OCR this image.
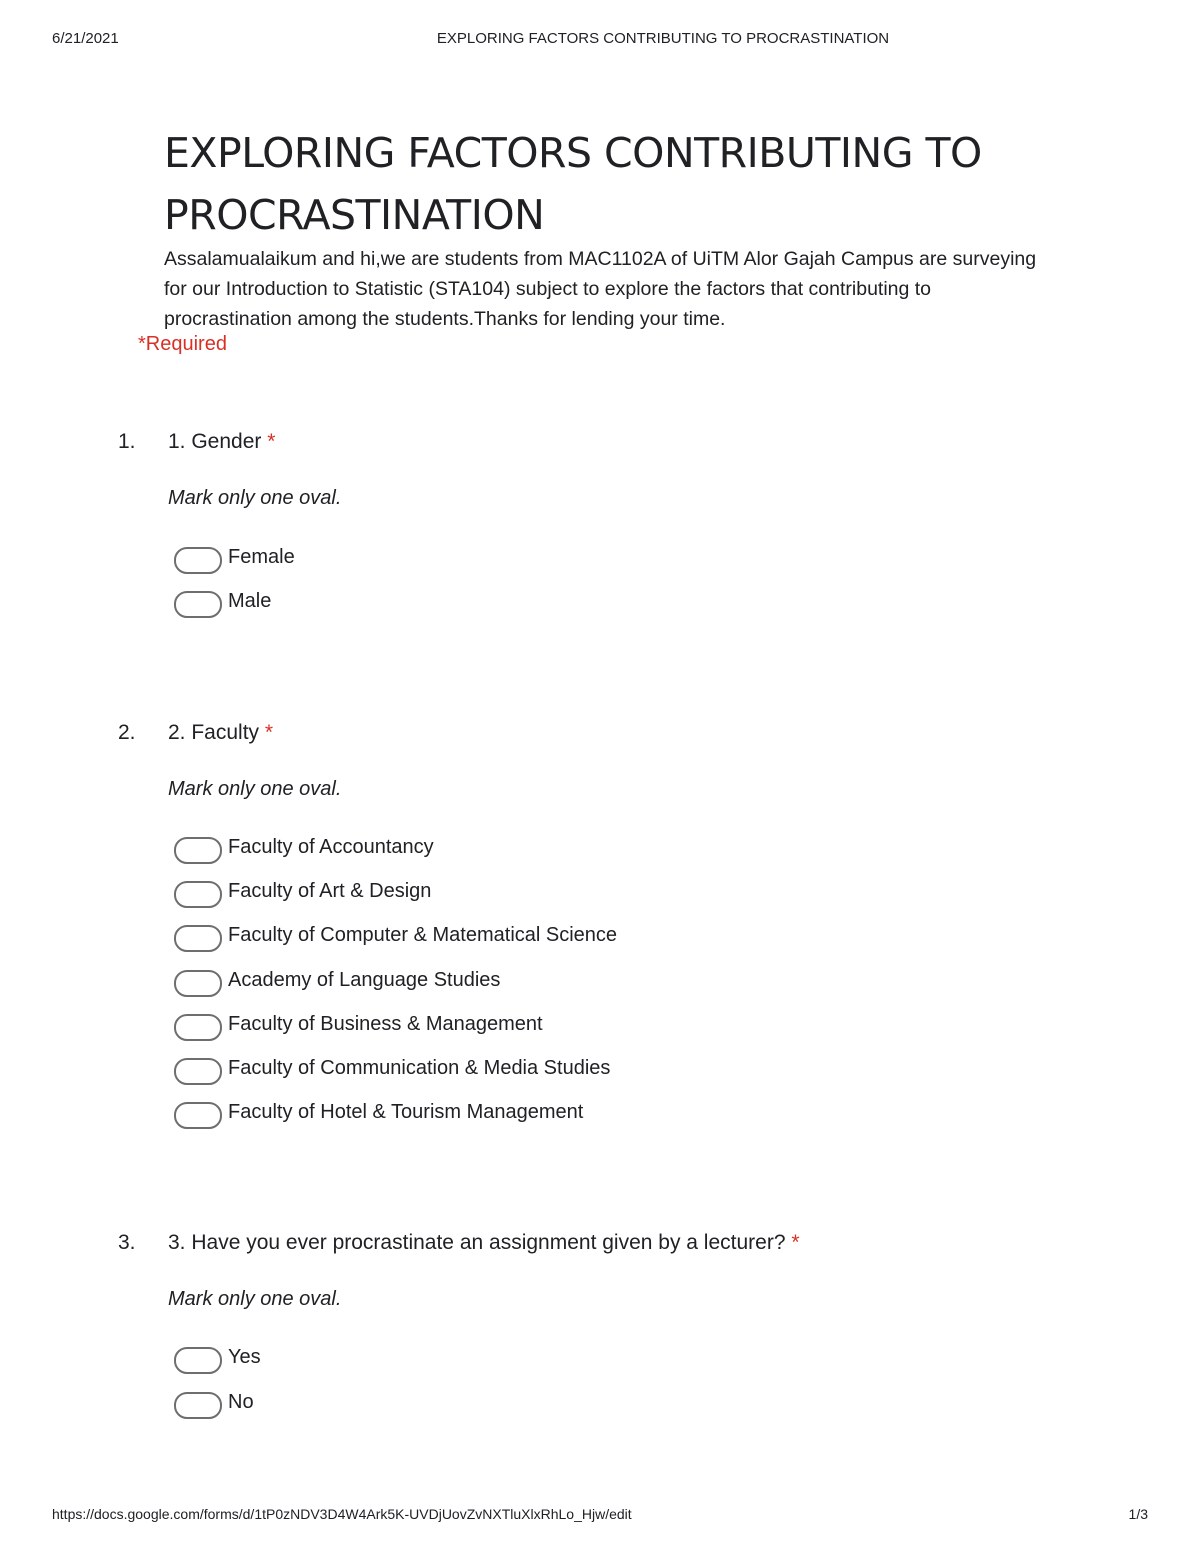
6/21/2021	EXPLORING FACTORS CONTRIBUTING TO PROCRASTINATION
EXPLORING FACTORS CONTRIBUTING TO PROCRASTINATION

Assalamualaikum and hi,we are students from MAC1102A of UiTM Alor Gajah Campus are surveying for our Introduction to Statistic (STA104) subject to explore the factors that contributing to procrastination among the students.Thanks for lending your time.

*Required
1. 1. Gender *
Mark only one oval.
Female
Male
2. 2. Faculty *
Mark only one oval.
Faculty of Accountancy
Faculty of Art & Design
Faculty of Computer & Matematical Science
Academy of Language Studies
Faculty of Business & Management
Faculty of Communication & Media Studies
Faculty of Hotel & Tourism Management
3. 3. Have you ever procrastinate an assignment given by a lecturer? *
Mark only one oval.
Yes
No
https://docs.google.com/forms/d/1tP0zNDV3D4W4Ark5K-UVDjUovZvNXTluXlxRhLo_Hjw/edit	1/3
